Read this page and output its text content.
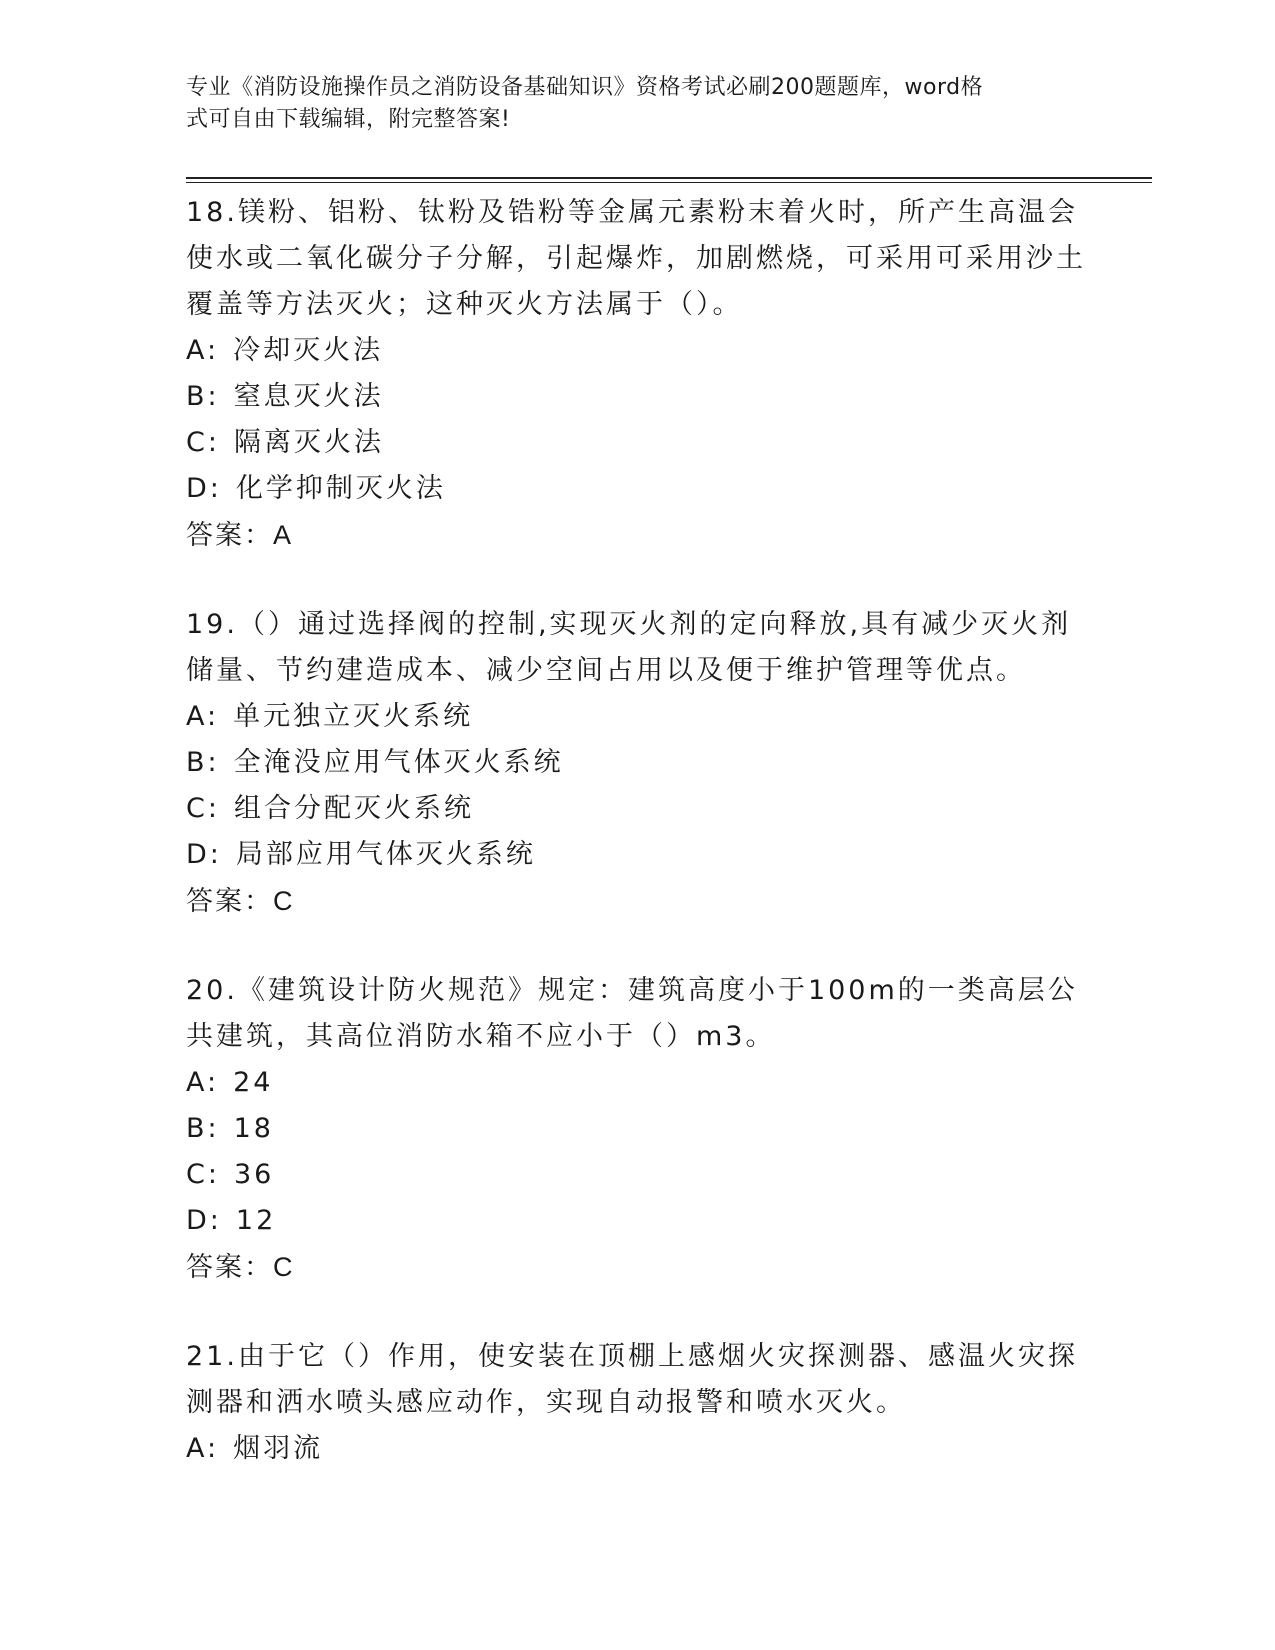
专业《消防设施操作员之消防设备基础知识》资格考试必刷200题题库，word格
式可自由下载编辑，附完整答案!

18.镁粉、铝粉、钛粉及锆粉等金属元素粉末着火时，所产生高温会使水或二氧化碳分子分解，引起爆炸，加剧燃烧，可采用可采用沙土覆盖等方法灭火；这种灭火方法属于（）。

A: 冷却灭火法

B: 窒息灭火法

C: 隔离灭火法

D: 化学抑制灭火法

答案：A

19.（）通过选择阀的控制,实现灭火剂的定向释放,具有减少灭火剂储量、节约建造成本、减少空间占用以及便于维护管理等优点。

A: 单元独立灭火系统

B: 全淹没应用气体灭火系统

C: 组合分配灭火系统

D: 局部应用气体灭火系统

答案：C

20.《建筑设计防火规范》规定：建筑高度小于100m的一类高层公共建筑，其高位消防水箱不应小于（）m3。

A: 24

B: 18

C: 36

D: 12

答案：C

21.由于它（）作用，使安装在顶棚上感烟火灾探测器、感温火灾探测器和洒水喷头感应动作，实现自动报警和喷水灭火。

A: 烟羽流
